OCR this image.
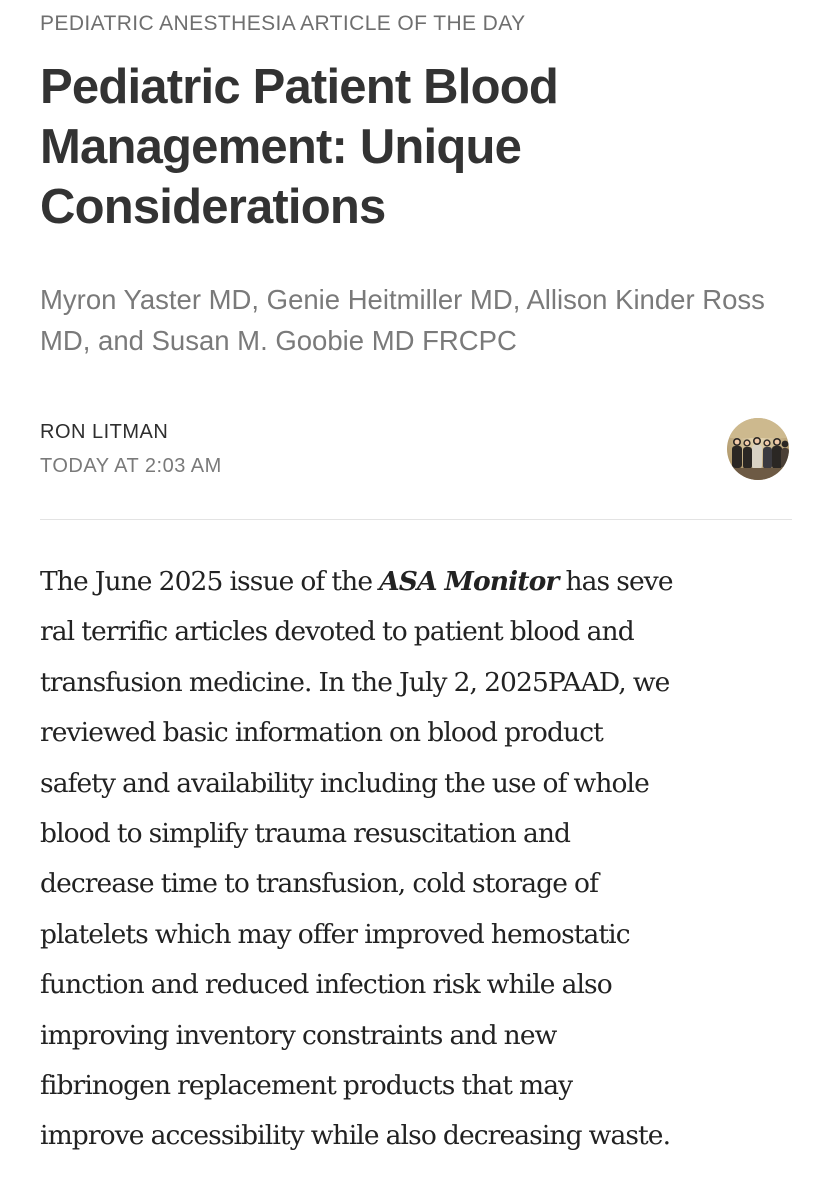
PEDIATRIC ANESTHESIA ARTICLE OF THE DAY
Pediatric Patient Blood Management: Unique Considerations

Myron Yaster MD, Genie Heitmiller MD, Allison Kinder Ross MD, and Susan M. Goobie MD FRCPC

RON LITMAN
TODAY AT 2:03 AM
The June 2025 issue of the ASA Monitor has seve
ral terrific articles devoted to patient blood and
transfusion medicine. In the July 2, 2025PAAD, we
reviewed basic information on blood product
safety and availability including the use of whole
blood to simplify trauma resuscitation and
decrease time to transfusion, cold storage of
platelets which may offer improved hemostatic
function and reduced infection risk while also
improving inventory constraints and new
fibrinogen replacement products that may
improve accessibility while also decreasing waste.
